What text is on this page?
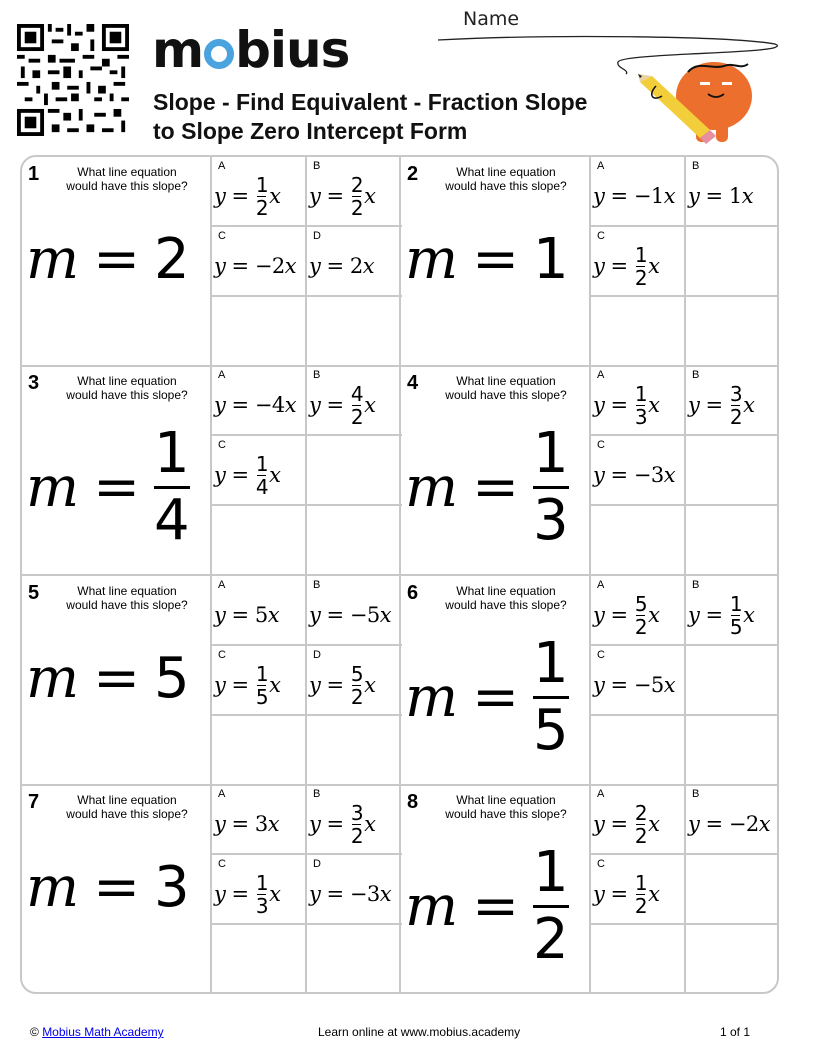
m bius
Slope - Find Equivalent - Fraction Slope
to Slope Zero Intercept Form
Name
1	What line equation would have this slope?
m = 2
A
y = 1
2 x
B
y = 2
2 x
C
y = −2 x
D
y = 2 x
2	What line equation would have this slope?
m = 1
A
y = −1 x
B
y = 1 x
C
y = 1
2 x
3	What line equation would have this slope?
$m = \frac{1}{4}$
A
y = −4 x
B
y = 4
2 x
C
y = 1
4 x
4	What line equation would have this slope?
$m = \frac{1}{3}$
A
y = 1
3 x
B
y = 3
2 x
C
y = −3 x
5	What line equation would have this slope?
m = 5
A
y = 5 x
B
y = −5 x
C
y = 1
5 x
D
y = 5
2 x
6	What line equation would have this slope?
$m = \frac{1}{5}$
A
y = 5
2 x
B
y = 1
5 x
C
y = −5 x
7	What line equation would have this slope?
m = 3
A
y = 3 x
B
y = 3
2 x
C
y = 1
3 x
D
y = −3 x
8	What line equation would have this slope?
$m = \frac{1}{2}$
A
y = 2
2 x
B
y = −2 x
C
y = 1
2 x
© Mobius Math Academy	Learn online at www.mobius.academy	1 of 1
